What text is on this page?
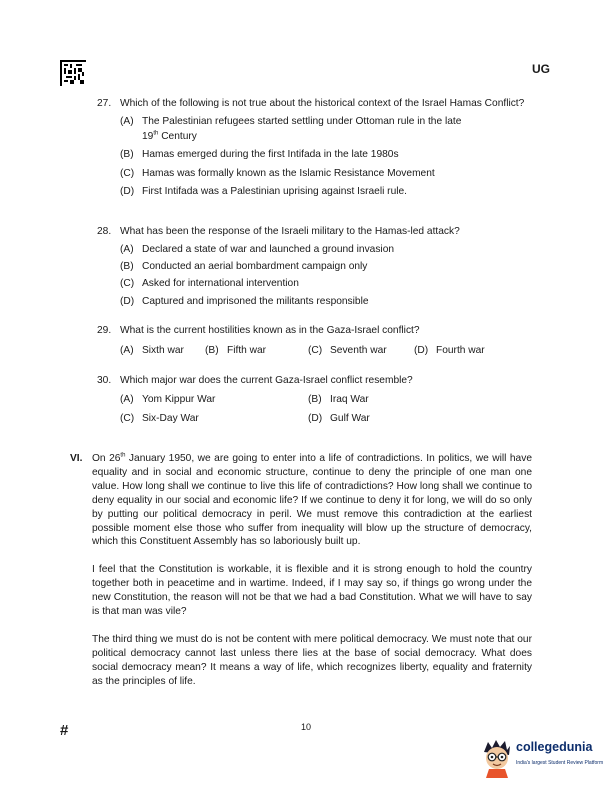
UG
27. Which of the following is not true about the historical context of the Israel Hamas Conflict?
(A) The Palestinian refugees started settling under Ottoman rule in the late
19th Century
(B) Hamas emerged during the first Intifada in the late 1980s
(C) Hamas was formally known as the Islamic Resistance Movement
(D) First Intifada was a Palestinian uprising against Israeli rule.
28. What has been the response of the Israeli military to the Hamas-led attack?
(A) Declared a state of war and launched a ground invasion
(B) Conducted an aerial bombardment campaign only
(C) Asked for international intervention
(D) Captured and imprisoned the militants responsible
29. What is the current hostilities known as in the Gaza-Israel conflict?
(A) Sixth war (B) Fifth war	(C) Seventh war	(D) Fourth war
30. Which major war does the current Gaza-Israel conflict resemble?
(A) Yom Kippur War	(B) Iraq War
(C) Six-Day War	(D) Gulf War
VI. On 26th January 1950, we are going to enter into a life of contradictions. In politics, we will have equality and in social and economic structure, continue to deny the principle of one man one value. How long shall we continue to live this life of contradictions? How long shall we continue to deny equality in our social and economic life? If we continue to deny it for long, we will do so only by putting our political democracy in peril. We must remove this contradiction at the earliest possible moment else those who suffer from inequality will blow up the structure of democracy, which this Constituent Assembly has so laboriously built up.
I feel that the Constitution is workable, it is flexible and it is strong enough to hold the country together both in peacetime and in wartime. Indeed, if I may say so, if things go wrong under the new Constitution, the reason will not be that we had a bad Constitution. What we will have to say is that man was vile?
The third thing we must do is not be content with mere political democracy. We must note that our political democracy cannot last unless there lies at the base of social democracy. What does social democracy mean? It means a way of life, which recognizes liberty, equality and fraternity as the principles of life.
#	10
collegedunia
India's largest Student Review Platform
